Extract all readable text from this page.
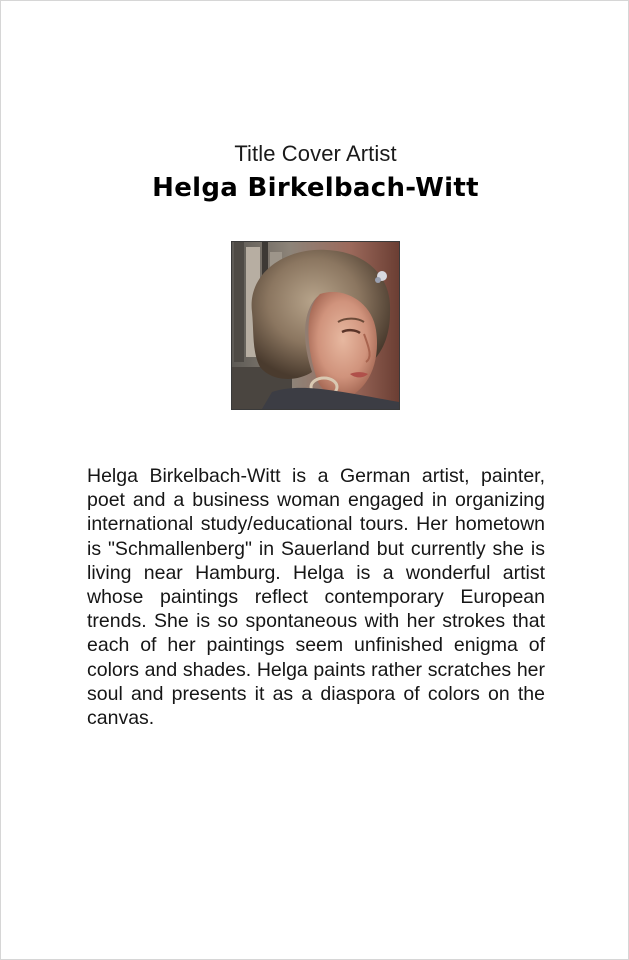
Title Cover Artist
Helga Birkelbach-Witt

Helga Birkelbach-Witt is a German artist, painter, poet and a business woman engaged in organizing international study/educational tours. Her hometown is "Schmallenberg" in Sauerland but currently she is living near Hamburg. Helga is a wonderful artist whose paintings reflect contemporary European trends. She is so spontaneous with her strokes that each of her paintings seem unfinished enigma of colors and shades. Helga paints rather scratches her soul and presents it as a diaspora of colors on the canvas.
